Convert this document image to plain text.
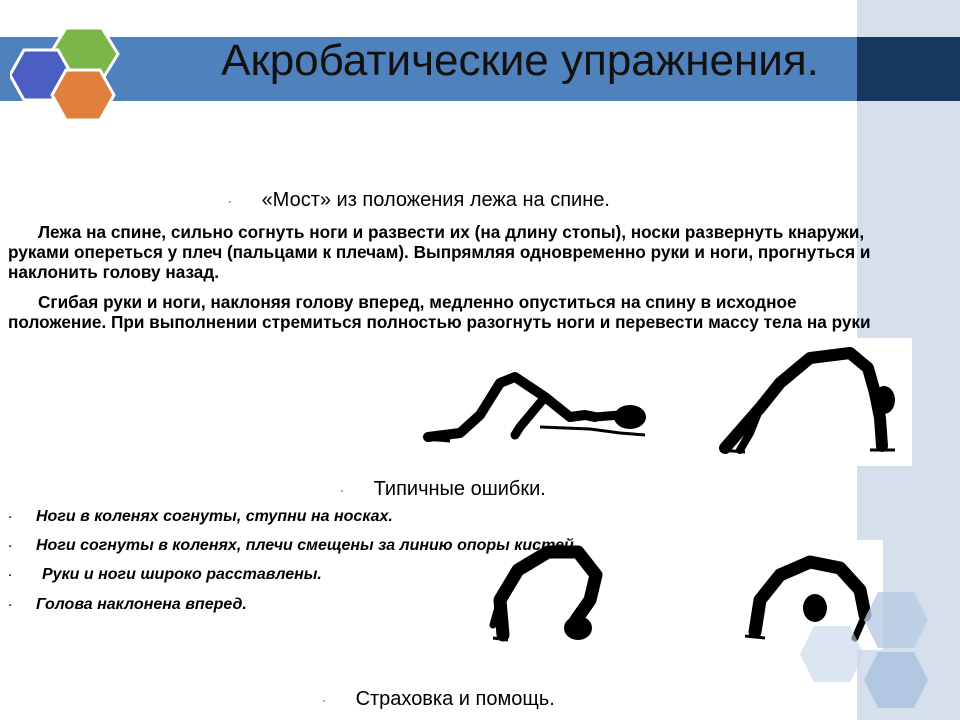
Акробатические упражнения.
· «Мост» из положения лежа на спине.

Лежа на спине, сильно согнуть ноги и развести их (на длину стопы), носки развернуть кнаружи, руками опереться у плеч (пальцами к плечам). Выпрямляя одновременно руки и ноги, прогнуться и наклонить голову назад.

Сгибая руки и ноги, наклоняя голову вперед, медленно опуститься на спину в исходное положение. При выполнении стремиться полностью разогнуть ноги и перевести массу тела на руки

· Типичные ошибки.
· Ноги в коленях согнуты, ступни на носках.
· Ноги согнуты в коленях, плечи смещены за линию опоры кистей.
· Руки и ноги широко расставлены.
· Голова наклонена вперед.
· Страховка и помощь.
